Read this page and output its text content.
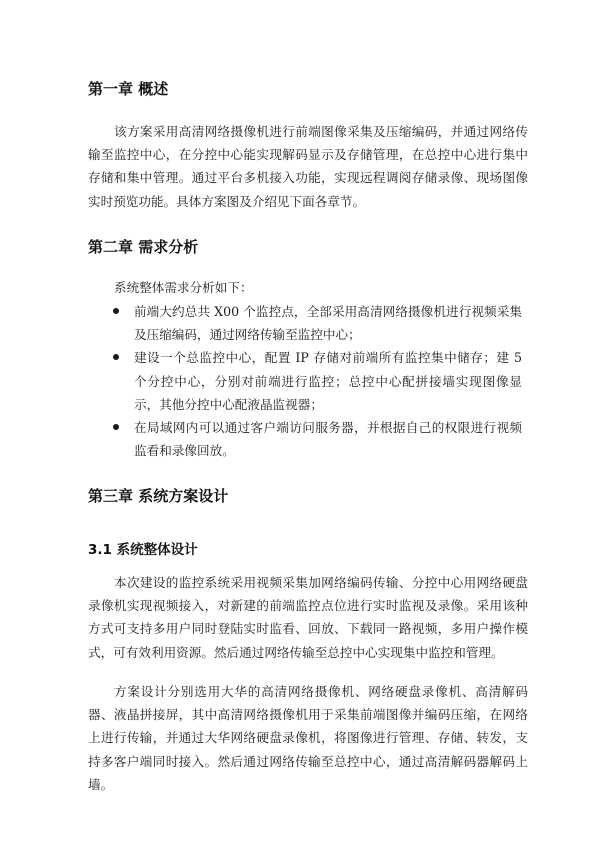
第一章 概述

该方案采用高清网络摄像机进行前端图像采集及压缩编码，并通过网络传输至监控中心，在分控中心能实现解码显示及存储管理，在总控中心进行集中存储和集中管理。通过平台多机接入功能，实现远程调阅存储录像、现场图像实时预览功能。具体方案图及介绍见下面各章节。

第二章 需求分析

系统整体需求分析如下：

前端大约总共 X00 个监控点，全部采用高清网络摄像机进行视频采集及压缩编码，通过网络传输至监控中心；
建设一个总监控中心，配置 IP 存储对前端所有监控集中储存；建 5 个分控中心，分别对前端进行监控；总控中心配拼接墙实现图像显示，其他分控中心配液晶监视器；
在局域网内可以通过客户端访问服务器，并根据自己的权限进行视频监看和录像回放。
第三章 系统方案设计
3.1 系统整体设计

本次建设的监控系统采用视频采集加网络编码传输、分控中心用网络硬盘录像机实现视频接入，对新建的前端监控点位进行实时监视及录像。采用该种方式可支持多用户同时登陆实时监看、回放、下载同一路视频，多用户操作模式，可有效利用资源。然后通过网络传输至总控中心实现集中监控和管理。

方案设计分别选用大华的高清网络摄像机、网络硬盘录像机、高清解码器、液晶拼接屏，其中高清网络摄像机用于采集前端图像并编码压缩，在网络上进行传输，并通过大华网络硬盘录像机，将图像进行管理、存储、转发，支持多客户端同时接入。然后通过网络传输至总控中心，通过高清解码器解码上墙。
